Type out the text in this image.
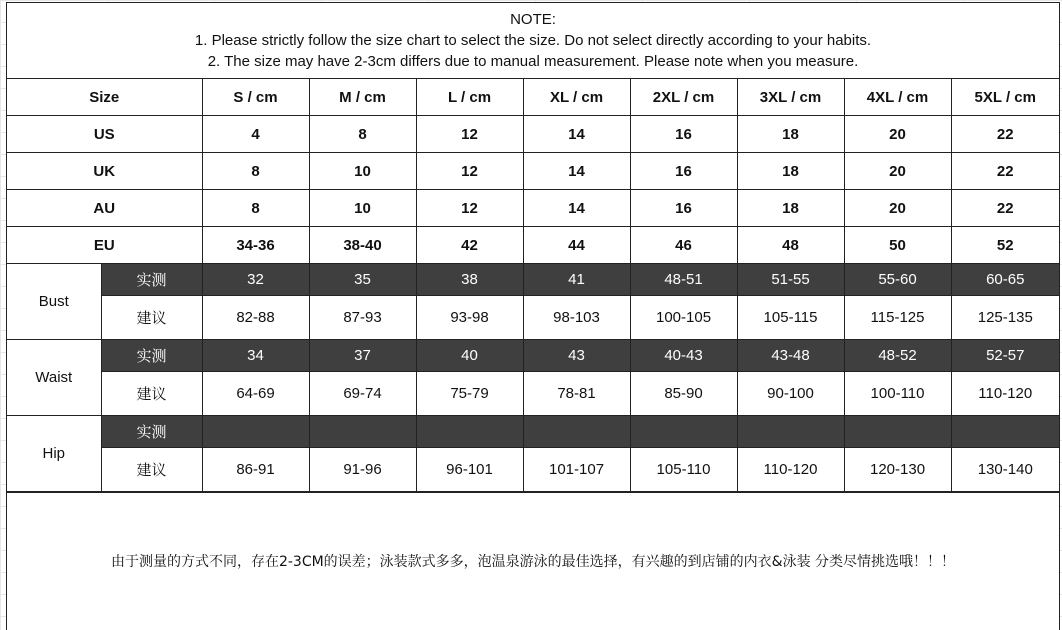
NOTE:
1. Please strictly follow the size chart to select the size. Do not select directly according to your habits.
2. The size may have 2-3cm differs due to manual measurement. Please note when you measure.
Size		S / cm	M / cm	L / cm	XL / cm	2XL / cm	3XL / cm	4XL / cm	5XL / cm
US		4	8	12	14	16	18	20	22
UK		8	10	12	14	16	18	20	22
AU		8	10	12	14	16	18	20	22
EU		34-36	38-40	42	44	46	48	50	52
Bust	实测	32	35	38	41	48-51	51-55	55-60	60-65
	建议	82-88	87-93	93-98	98-103	100-105	105-115	115-125	125-135
Waist	实测	34	37	40	43	40-43	43-48	48-52	52-57
	建议	64-69	69-74	75-79	78-81	85-90	90-100	100-110	110-120
Hip	实测								
	建议	86-91	91-96	96-101	101-107	105-110	110-120	120-130	130-140
由于测量的方式不同，存在2-3CM的误差；泳装款式多多，泡温泉游泳的最佳选择，有兴趣的到店铺的内衣&泳装 分类尽情挑选哦！！！
